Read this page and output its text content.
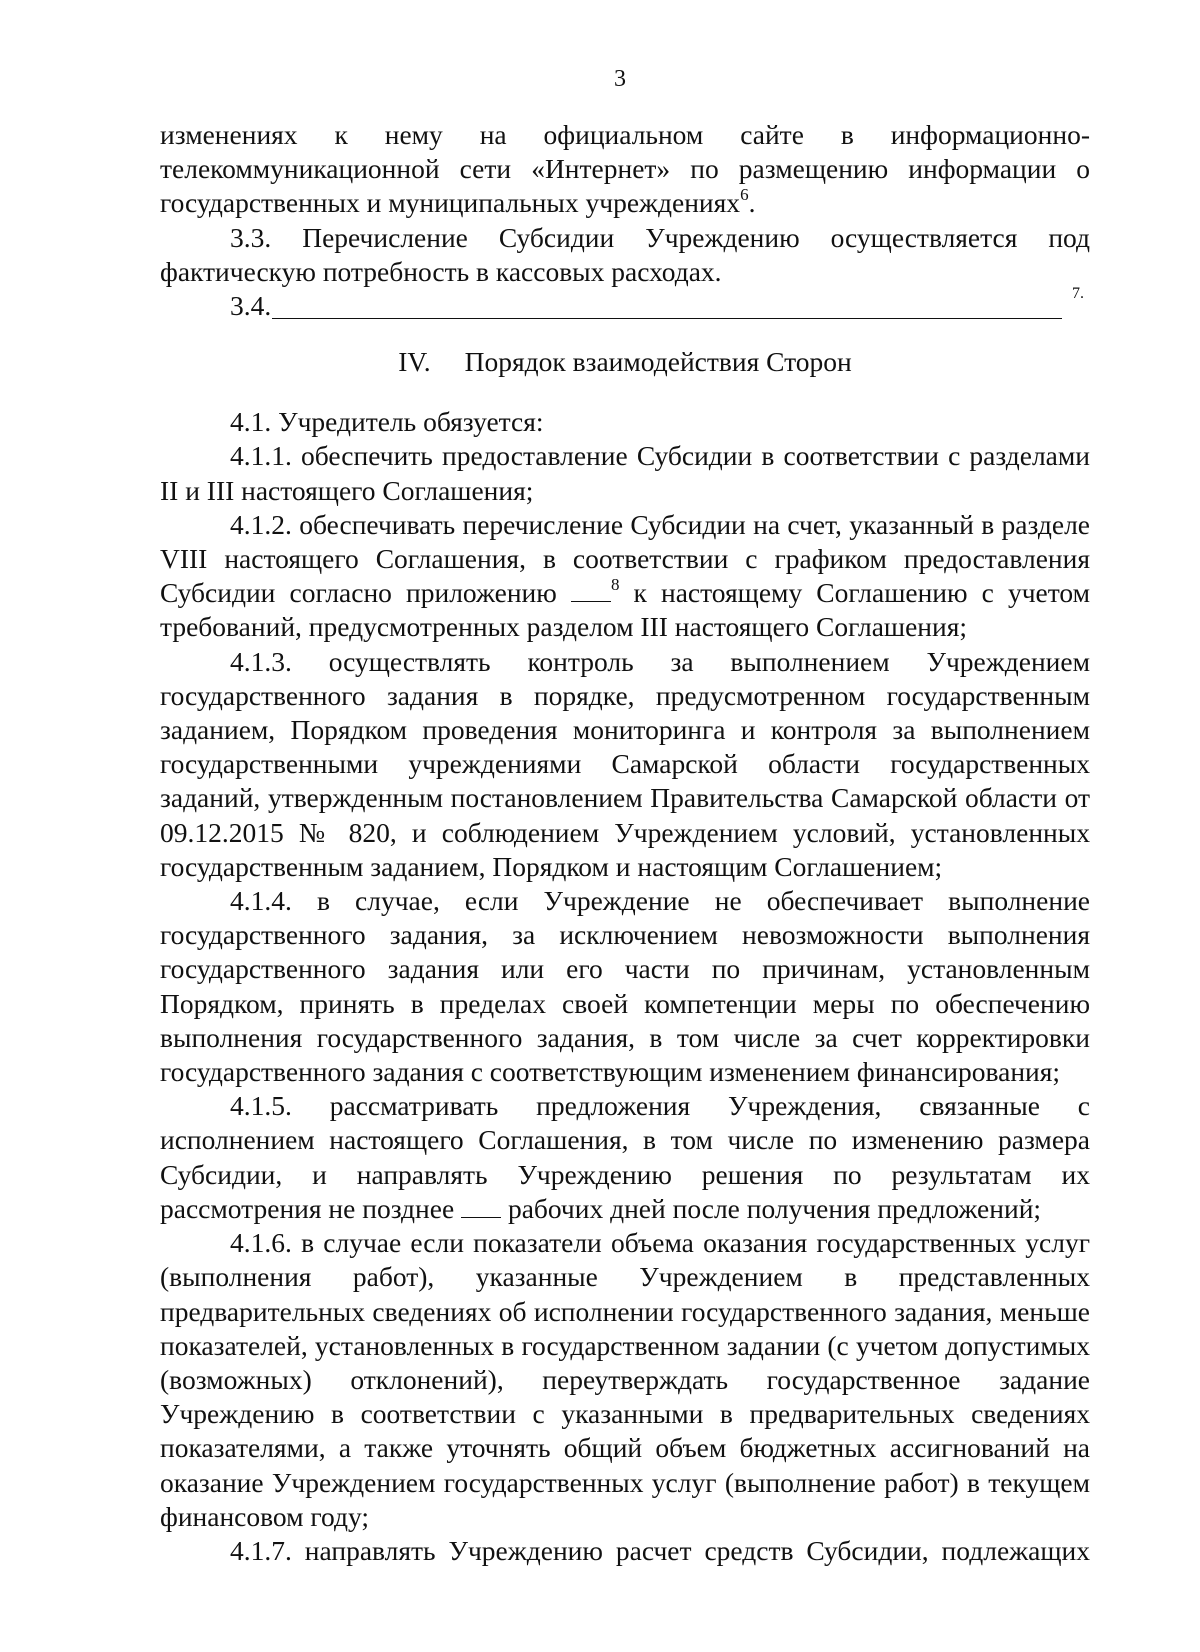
3

изменениях к нему на официальном сайте в информационно-телекоммуникационной сети «Интернет» по размещению информации о государственных и муниципальных учреждениях$^6$.

3.3. Перечисление Субсидии Учреждению осуществляется под фактическую потребность в кассовых расходах.

3.4.	7.
IV. Порядок взаимодействия Сторон

4.1. Учредитель обязуется:

4.1.1. обеспечить предоставление Субсидии в соответствии с разделами II и III настоящего Соглашения;

4.1.2. обеспечивать перечисление Субсидии на счет, указанный в разделе VIII настоящего Соглашения, в соответствии с графиком предоставления Субсидии согласно приложению	$^8$ к настоящему Соглашению с учетом требований, предусмотренных разделом III настоящего Соглашения;

4.1.3. осуществлять контроль за выполнением Учреждением государственного задания в порядке, предусмотренном государственным заданием, Порядком проведения мониторинга и контроля за выполнением государственными учреждениями Самарской области государственных заданий, утвержденным постановлением Правительства Самарской области от 09.12.2015 № 820, и соблюдением Учреждением условий, установленных государственным заданием, Порядком и настоящим Соглашением;

4.1.4. в случае, если Учреждение не обеспечивает выполнение государственного задания, за исключением невозможности выполнения государственного задания или его части по причинам, установленным Порядком, принять в пределах своей компетенции меры по обеспечению выполнения государственного задания, в том числе за счет корректировки государственного задания с соответствующим изменением финансирования;

4.1.5. рассматривать предложения Учреждения, связанные с исполнением настоящего Соглашения, в том числе по изменению размера Субсидии, и направлять Учреждению решения по результатам их рассмотрения не позднее рабочих дней после получения предложений;

4.1.6. в случае если показатели объема оказания государственных услуг (выполнения работ), указанные Учреждением в представленных предварительных сведениях об исполнении государственного задания, меньше показателей, установленных в государственном задании (с учетом допустимых (возможных) отклонений), переутверждать государственное задание Учреждению в соответствии с указанными в предварительных сведениях показателями, а также уточнять общий объем бюджетных ассигнований на оказание Учреждением государственных услуг (выполнение работ) в текущем финансовом году;

4.1.7. направлять Учреждению расчет средств Субсидии, подлежащих
